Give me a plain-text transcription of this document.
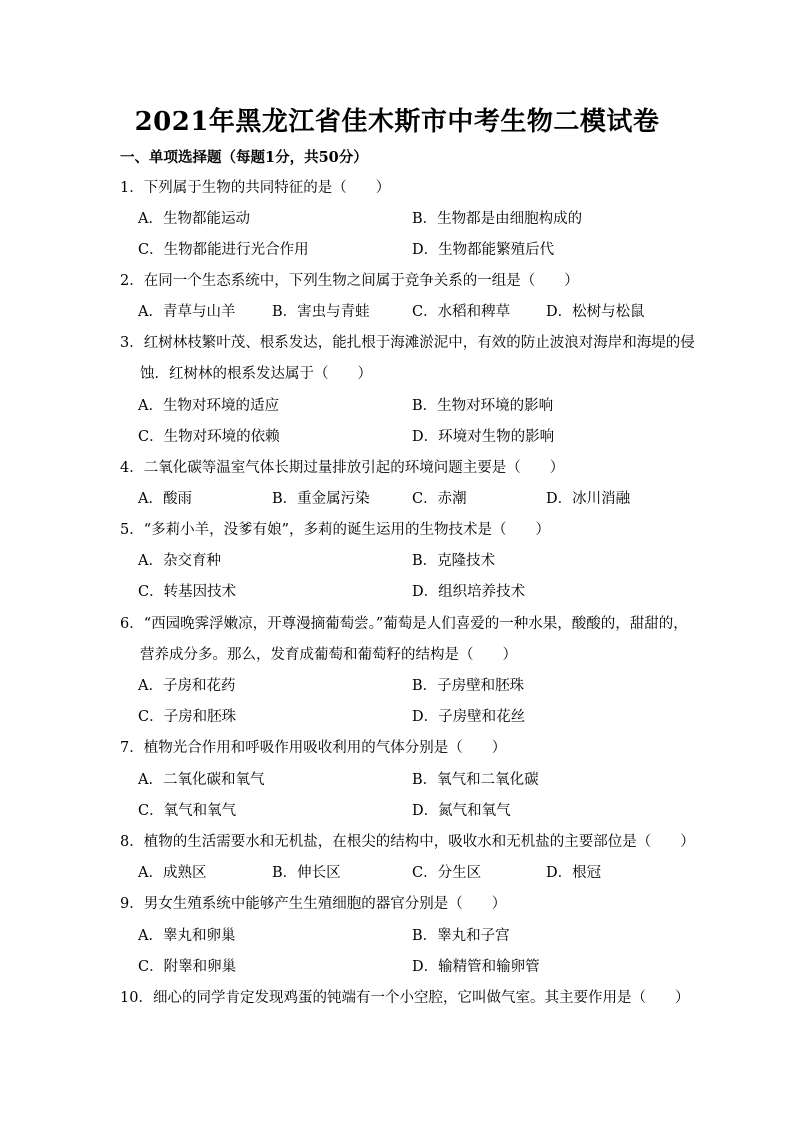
2021年黑龙江省佳木斯市中考生物二模试卷
一、单项选择题（每题1分，共50分）
1．下列属于生物的共同特征的是（　　）
A．生物都能运动	B．生物都是由细胞构成的
C．生物都能进行光合作用	D．生物都能繁殖后代
2．在同一个生态系统中，下列生物之间属于竞争关系的一组是（　　）
A．青草与山羊	B．害虫与青蛙	C．水稻和稗草 D．松树与松鼠
3．红树林枝繁叶茂、根系发达，能扎根于海滩淤泥中，有效的防止波浪对海岸和海堤的侵
蚀．红树林的根系发达属于（　　）
A．生物对环境的适应	B．生物对环境的影响
C．生物对环境的依赖	D．环境对生物的影响
4．二氧化碳等温室气体长期过量排放引起的环境问题主要是（　　）
A．酸雨	B．重金属污染	C．赤潮	D．冰川消融
5．“多莉小羊，没爹有娘”，多莉的诞生运用的生物技术是（　　）
A．杂交育种	B．克隆技术
C．转基因技术	D．组织培养技术
6．“西园晚霁浮嫩凉，开尊漫摘葡萄尝。”葡萄是人们喜爱的一种水果，酸酸的，甜甜的，
营养成分多。那么，发育成葡萄和葡萄籽的结构是（　　）
A．子房和花药	B．子房壁和胚珠
C．子房和胚珠	D．子房壁和花丝
7．植物光合作用和呼吸作用吸收利用的气体分别是（　　）
A．二氧化碳和氧气	B．氧气和二氧化碳
C．氧气和氧气	D．氮气和氧气
8．植物的生活需要水和无机盐，在根尖的结构中，吸收水和无机盐的主要部位是（　　）
A．成熟区	B．伸长区	C．分生区	D．根冠
9．男女生殖系统中能够产生生殖细胞的器官分别是（　　）
A．睾丸和卵巢	B．睾丸和子宫
C．附睾和卵巢	D．输精管和输卵管
10．细心的同学肯定发现鸡蛋的钝端有一个小空腔，它叫做气室。其主要作用是（　　）
